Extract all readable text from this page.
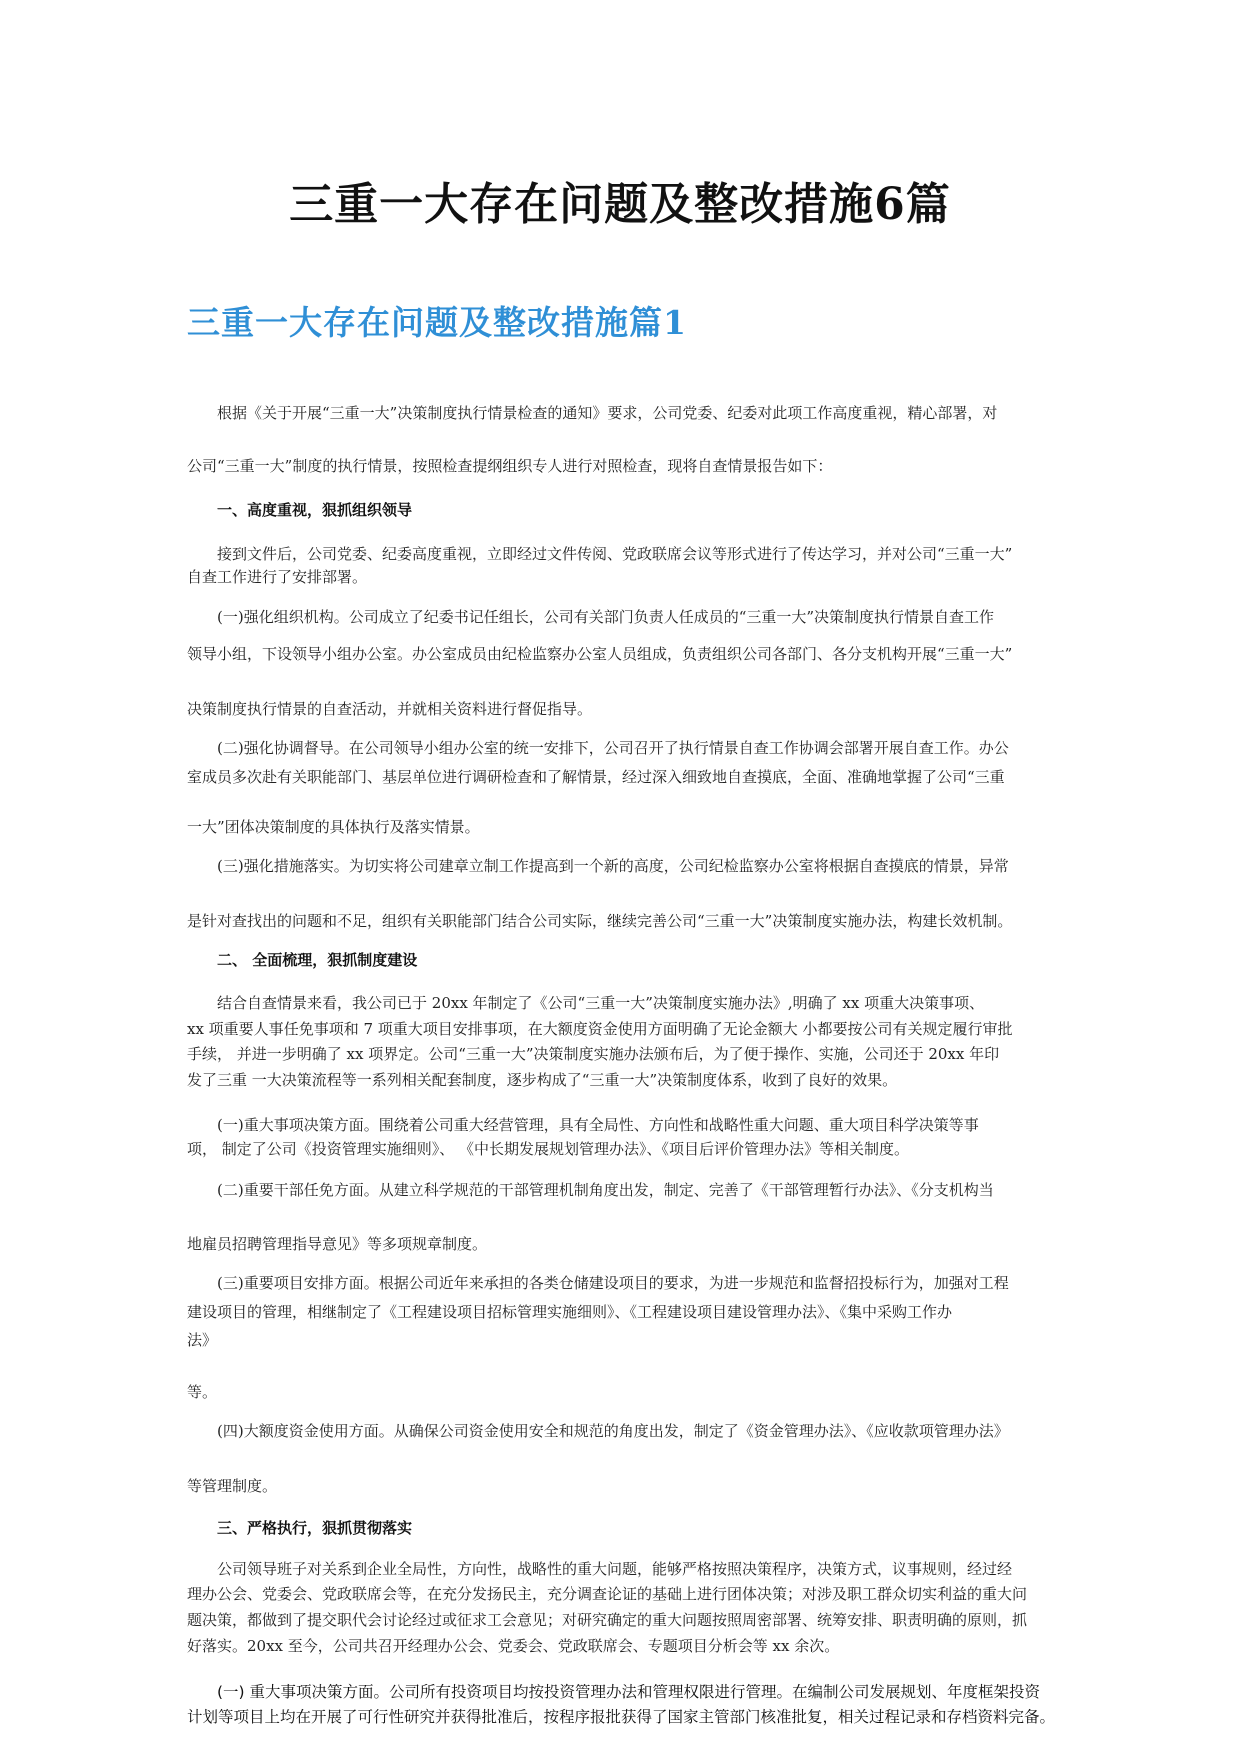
三重一大存在问题及整改措施6篇
三重一大存在问题及整改措施篇1

根据《关于开展“三重一大”决策制度执行情景检查的通知》要求，公司党委、纪委对此项工作高度重视，精心部署，对

公司“三重一大”制度的执行情景，按照检查提纲组织专人进行对照检查，现将自查情景报告如下：

一、高度重视，狠抓组织领导

接到文件后，公司党委、纪委高度重视，立即经过文件传阅、党政联席会议等形式进行了传达学习，并对公司“三重一大”

自查工作进行了安排部署。

(一)强化组织机构。公司成立了纪委书记任组长，公司有关部门负责人任成员的“三重一大”决策制度执行情景自查工作

领导小组，下设领导小组办公室。办公室成员由纪检监察办公室人员组成，负责组织公司各部门、各分支机构开展“三重一大”

决策制度执行情景的自查活动，并就相关资料进行督促指导。

(二)强化协调督导。在公司领导小组办公室的统一安排下，公司召开了执行情景自查工作协调会部署开展自查工作。办公

室成员多次赴有关职能部门、基层单位进行调研检查和了解情景，经过深入细致地自查摸底，全面、准确地掌握了公司“三重

一大”团体决策制度的具体执行及落实情景。

(三)强化措施落实。为切实将公司建章立制工作提高到一个新的高度，公司纪检监察办公室将根据自查摸底的情景，异常

是针对查找出的问题和不足，组织有关职能部门结合公司实际，继续完善公司“三重一大”决策制度实施办法，构建长效机制。

二、 全面梳理，狠抓制度建设

结合自查情景来看，我公司已于 20xx 年制定了《公司“三重一大”决策制度实施办法》,明确了 xx 项重大决策事项、

xx 项重要人事任免事项和 7 项重大项目安排事项，在大额度资金使用方面明确了无论金额大 小都要按公司有关规定履行审批

手续， 并进一步明确了 xx 项界定。公司“三重一大”决策制度实施办法颁布后，为了便于操作、实施，公司还于 20xx 年印

发了三重 一大决策流程等一系列相关配套制度，逐步构成了“三重一大”决策制度体系，收到了良好的效果。

(一)重大事项决策方面。围绕着公司重大经营管理，具有全局性、方向性和战略性重大问题、重大项目科学决策等事

项， 制定了公司《投资管理实施细则》、 《中长期发展规划管理办法》、《项目后评价管理办法》等相关制度。

(二)重要干部任免方面。从建立科学规范的干部管理机制角度出发，制定、完善了《干部管理暂行办法》、《分支机构当

地雇员招聘管理指导意见》等多项规章制度。

(三)重要项目安排方面。根据公司近年来承担的各类仓储建设项目的要求，为进一步规范和监督招投标行为，加强对工程

建设项目的管理，相继制定了《工程建设项目招标管理实施细则》、《工程建设项目建设管理办法》、《集中采购工作办

法》

等。

(四)大额度资金使用方面。从确保公司资金使用安全和规范的角度出发，制定了《资金管理办法》、《应收款项管理办法》

等管理制度。

三、严格执行，狠抓贯彻落实

公司领导班子对关系到企业全局性，方向性，战略性的重大问题，能够严格按照决策程序，决策方式，议事规则，经过经

理办公会、党委会、党政联席会等，在充分发扬民主，充分调查论证的基础上进行团体决策；对涉及职工群众切实利益的重大问

题决策，都做到了提交职代会讨论经过或征求工会意见；对研究确定的重大问题按照周密部署、统筹安排、职责明确的原则，抓

好落实。20xx 至今，公司共召开经理办公会、党委会、党政联席会、专题项目分析会等 xx 余次。

(一) 重大事项决策方面。公司所有投资项目均按投资管理办法和管理权限进行管理。在编制公司发展规划、年度框架投资

计划等项目上均在开展了可行性研究并获得批准后，按程序报批获得了国家主管部门核准批复，相关过程记录和存档资料完备。
